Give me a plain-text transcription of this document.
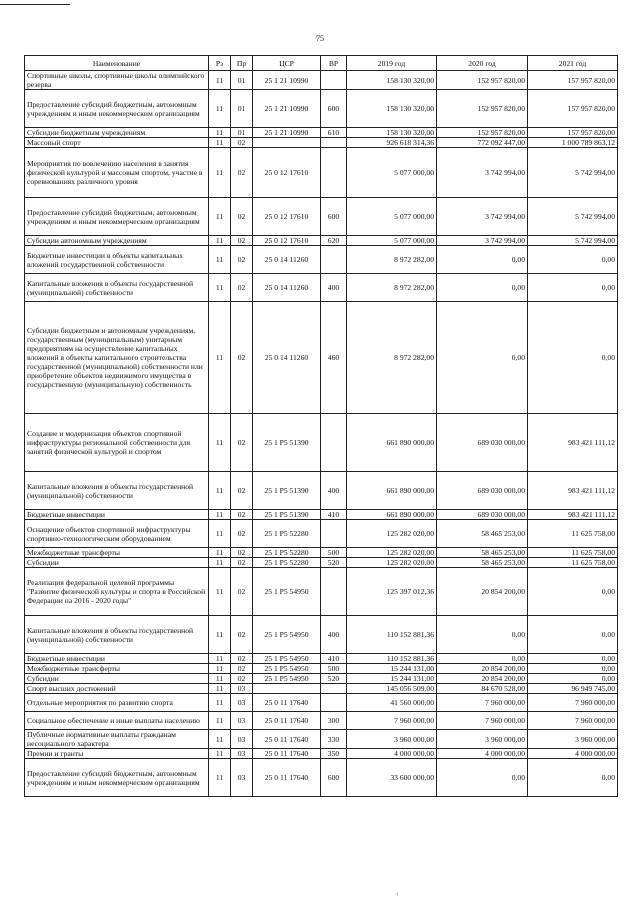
75
Наименование	Рз	Пр	ЦСР	ВР	2019 год	2020 год	2021 год
Спортивные школы, спортивные школы олимпийского резерва	11	01	25 1 21 10990		158 130 320,00	152 957 820,00	157 957 820,00
Предоставление субсидий бюджетным, автономным учреждениям и иным некоммерческим организациям	11	01	25 1 21 10990	600	158 130 320,00	152 957 820,00	157 957 820,00
Субсидии бюджетным учреждениям	11	01	25 1 21 10990	610	158 130 320,00	152 957 820,00	157 957 820,00
Массовый спорт	11	02			926 618 314,36	772 092 447,00	1 000 789 863,12
Мероприятия по вовлечению населения в занятия физической культурой и массовым спортом, участие в соревнованиях различного уровня	11	02	25 0 12 17610		5 077 000,00	3 742 994,00	5 742 994,00
Предоставление субсидий бюджетным, автономным учреждениям и иным некоммерческим организациям	11	02	25 0 12 17610	600	5 077 000,00	3 742 994,00	5 742 994,00
Субсидии автономным учреждениям	11	02	25 0 12 17610	620	5 077 000,00	3 742 994,00	5 742 994,00
Бюджетные инвестиции в объекты капитальных вложений государственной собственности	11	02	25 0 14 11260		8 972 282,00	0,00	0,00
Капитальные вложения в объекты государственной (муниципальной) собственности	11	02	25 0 14 11260	400	8 972 282,00	0,00	0,00
Субсидии бюджетным и автономным учреждениям, государственным (муниципальным) унитарным предприятиям на осуществление капитальных вложений в объекты капитального строительства государственной (муниципальной) собственности или приобретение объектов недвижимого имущества в государственную (муниципальную) собственность	11	02	25 0 14 11260	460	8 972 282,00	0,00	0,00
Создание и модернизация объектов спортивной инфраструктуры региональной собственности для занятий физической культурой и спортом	11	02	25 1 P5 51390		661 890 000,00	689 030 000,00	983 421 111,12
Капитальные вложения в объекты государственной (муниципальной) собственности	11	02	25 1 P5 51390	400	661 890 000,00	689 030 000,00	983 421 111,12
Бюджетные инвестиции	11	02	25 1 P5 51390	410	661 890 000,00	689 030 000,00	983 421 111,12
Оснащение объектов спортивной инфраструктуры спортивно-технологическим оборудованием	11	02	25 1 P5 52280		125 282 020,00	58 465 253,00	11 625 758,00
Межбюджетные трансферты	11	02	25 1 P5 52280	500	125 282 020,00	58 465 253,00	11 625 758,00
Субсидии	11	02	25 1 P5 52280	520	125 282 020,00	58 465 253,00	11 625 758,00
Реализация федеральной целевой программы "Развитие физической культуры и спорта в Российской Федерации на 2016 - 2020 годы"	11	02	25 1 P5 54950		125 397 012,36	20 854 200,00	0,00
Капитальные вложения в объекты государственной (муниципальной) собственности	11	02	25 1 P5 54950	400	110 152 881,36	0,00	0,00
Бюджетные инвестиции	11	02	25 1 P5 54950	410	110 152 881,36	0,00	0,00
Межбюджетные трансферты	11	02	25 1 P5 54950	500	15 244 131,00	20 854 200,00	0,00
Субсидии	11	02	25 1 P5 54950	520	15 244 131,00	20 854 200,00	0,00
Спорт высших достижений	11	03			145 056 509,00	84 670 528,00	96 949 745,00
Отдельные мероприятия по развитию спорта	11	03	25 0 11 17640		41 560 000,00	7 960 000,00	7 960 000,00
Социальное обеспечение и иные выплаты населению	11	03	25 0 11 17640	300	7 960 000,00	7 960 000,00	7 960 000,00
Публичные нормативные выплаты гражданам несоциального характера	11	03	25 0 11 17640	330	3 960 000,00	3 960 000,00	3 960 000,00
Премии и гранты	11	03	25 0 11 17640	350	4 000 000,00	4 000 000,00	4 000 000,00
Предоставление субсидий бюджетным, автономным учреждениям и иным некоммерческим организациям	11	03	25 0 11 17640	600	33 600 000,00	0,00	0,00
·
